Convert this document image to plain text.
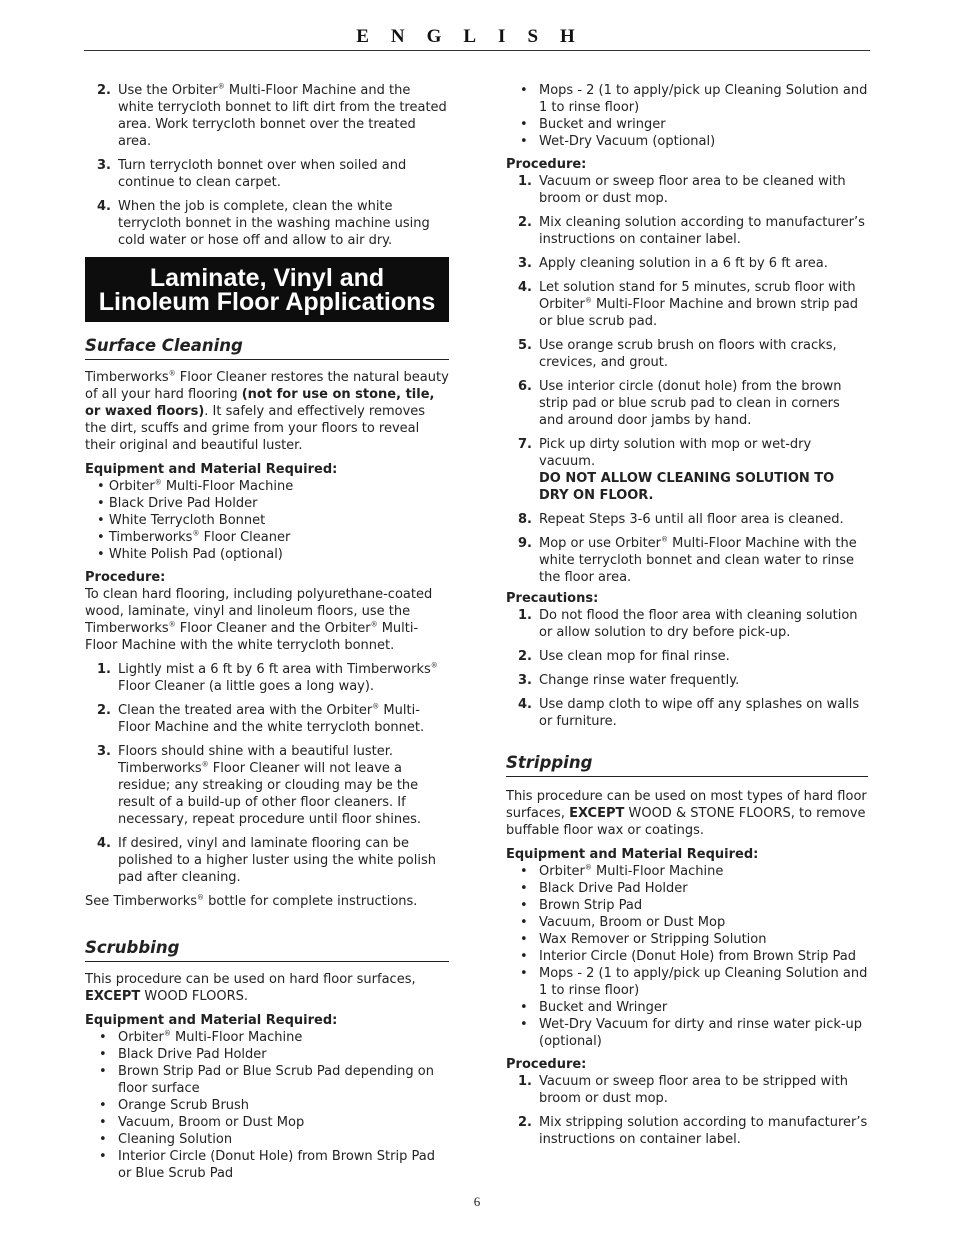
ENGLISH
2. Use the Orbiter® Multi-Floor Machine and the white terrycloth bonnet to lift dirt from the treated area. Work terrycloth bonnet over the treated area.
3. Turn terrycloth bonnet over when soiled and continue to clean carpet.
4. When the job is complete, clean the white terrycloth bonnet in the washing machine using cold water or hose off and allow to air dry.
Laminate, Vinyl and
Linoleum Floor Applications
Surface Cleaning

Timberworks® Floor Cleaner restores the natural beauty of all your hard flooring (not for use on stone, tile, or waxed floors). It safely and effectively removes the dirt, scuffs and grime from your floors to reveal their original and beautiful luster.

Equipment and Material Required:

• Orbiter® Multi-Floor Machine
• Black Drive Pad Holder
• White Terrycloth Bonnet
• Timberworks® Floor Cleaner
• White Polish Pad (optional)

Procedure:

To clean hard flooring, including polyurethane-coated wood, laminate, vinyl and linoleum floors, use the Timberworks® Floor Cleaner and the Orbiter® Multi-Floor Machine with the white terrycloth bonnet.

1. Lightly mist a 6 ft by 6 ft area with Timberworks® Floor Cleaner (a little goes a long way).
2. Clean the treated area with the Orbiter® Multi-Floor Machine and the white terrycloth bonnet.
3. Floors should shine with a beautiful luster. Timberworks® Floor Cleaner will not leave a residue; any streaking or clouding may be the result of a build-up of other floor cleaners. If necessary, repeat procedure until floor shines.
4. If desired, vinyl and laminate flooring can be polished to a higher luster using the white polish pad after cleaning.

See Timberworks® bottle for complete instructions.

Scrubbing

This procedure can be used on hard floor surfaces, EXCEPT WOOD FLOORS.

Equipment and Material Required:

• Orbiter® Multi-Floor Machine
• Black Drive Pad Holder
• Brown Strip Pad or Blue Scrub Pad depending on floor surface
• Orange Scrub Brush
• Vacuum, Broom or Dust Mop
• Cleaning Solution
• Interior Circle (Donut Hole) from Brown Strip Pad or Blue Scrub Pad
• Mops - 2 (1 to apply/pick up Cleaning Solution and 1 to rinse floor)
• Bucket and wringer
• Wet-Dry Vacuum (optional)

Procedure:

1. Vacuum or sweep floor area to be cleaned with broom or dust mop.
2. Mix cleaning solution according to manufacturer’s instructions on container label.
3. Apply cleaning solution in a 6 ft by 6 ft area.
4. Let solution stand for 5 minutes, scrub floor with Orbiter® Multi-Floor Machine and brown strip pad or blue scrub pad.
5. Use orange scrub brush on floors with cracks, crevices, and grout.
6. Use interior circle (donut hole) from the brown strip pad or blue scrub pad to clean in corners and around door jambs by hand.
7. Pick up dirty solution with mop or wet-dry vacuum.
DO NOT ALLOW CLEANING SOLUTION TO DRY ON FLOOR.
8. Repeat Steps 3-6 until all floor area is cleaned.
9. Mop or use Orbiter® Multi-Floor Machine with the white terrycloth bonnet and clean water to rinse the floor area.

Precautions:

1. Do not flood the floor area with cleaning solution or allow solution to dry before pick-up.
2. Use clean mop for final rinse.
3. Change rinse water frequently.
4. Use damp cloth to wipe off any splashes on walls or furniture.
Stripping

This procedure can be used on most types of hard floor surfaces, EXCEPT WOOD & STONE FLOORS, to remove buffable floor wax or coatings.

Equipment and Material Required:

• Orbiter® Multi-Floor Machine
• Black Drive Pad Holder
• Brown Strip Pad
• Vacuum, Broom or Dust Mop
• Wax Remover or Stripping Solution
• Interior Circle (Donut Hole) from Brown Strip Pad
• Mops - 2 (1 to apply/pick up Cleaning Solution and 1 to rinse floor)
• Bucket and Wringer
• Wet-Dry Vacuum for dirty and rinse water pick-up (optional)

Procedure:

1. Vacuum or sweep floor area to be stripped with broom or dust mop.
2. Mix stripping solution according to manufacturer’s instructions on container label.
6
